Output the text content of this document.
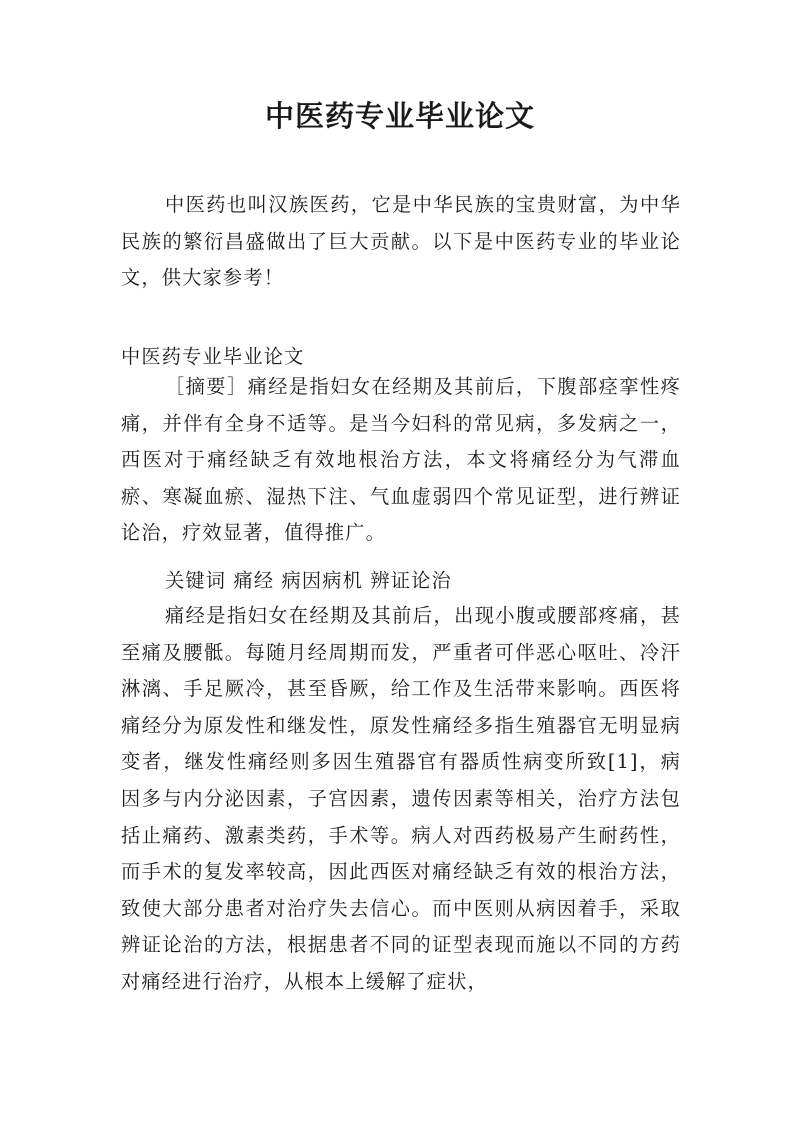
中医药专业毕业论文
中医药也叫汉族医药，它是中华民族的宝贵财富，为中华民族的繁衍昌盛做出了巨大贡献。以下是中医药专业的毕业论文，供大家参考！
中医药专业毕业论文
［摘要］痛经是指妇女在经期及其前后，下腹部痉挛性疼痛，并伴有全身不适等。是当今妇科的常见病，多发病之一，西医对于痛经缺乏有效地根治方法，本文将痛经分为气滞血瘀、寒凝血瘀、湿热下注、气血虚弱四个常见证型，进行辨证论治，疗效显著，值得推广。
关键词 痛经 病因病机 辨证论治
痛经是指妇女在经期及其前后，出现小腹或腰部疼痛，甚至痛及腰骶。每随月经周期而发，严重者可伴恶心呕吐、冷汗淋漓、手足厥冷，甚至昏厥，给工作及生活带来影响。西医将痛经分为原发性和继发性，原发性痛经多指生殖器官无明显病变者，继发性痛经则多因生殖器官有器质性病变所致[1]，病因多与内分泌因素，子宫因素，遗传因素等相关，治疗方法包括止痛药、激素类药，手术等。病人对西药极易产生耐药性，而手术的复发率较高，因此西医对痛经缺乏有效的根治方法，致使大部分患者对治疗失去信心。而中医则从病因着手，采取辨证论治的方法，根据患者不同的证型表现而施以不同的方药对痛经进行治疗，从根本上缓解了症状，
